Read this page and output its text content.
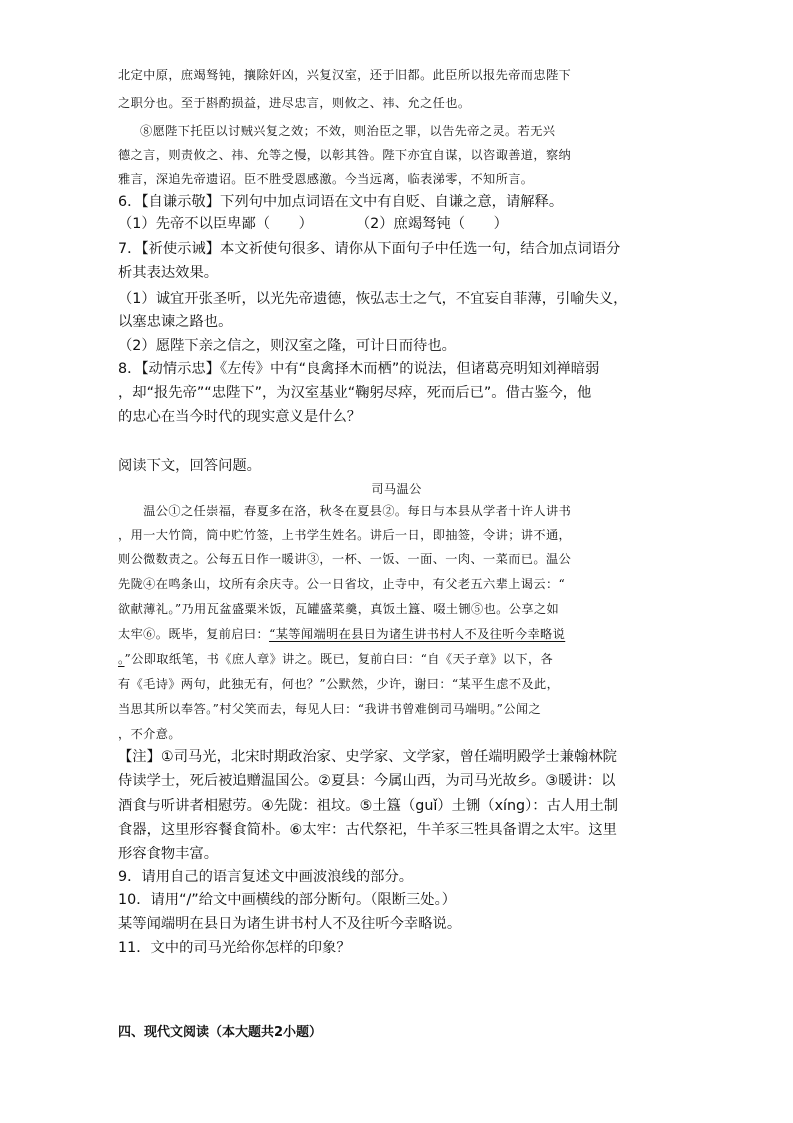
北定中原，庶竭驽钝，攘除奸凶，兴复汉室，还于旧都。此臣所以报先帝而忠陛下
之职分也。至于斟酌损益，进尽忠言，则攸之、祎、允之任也。
⑧愿陛下托臣以讨贼兴复之效；不效，则治臣之罪，以告先帝之灵。若无兴
德之言，则责攸之、祎、允等之慢，以彰其咎。陛下亦宜自谋，以咨诹善道，察纳
雅言，深追先帝遗诏。臣不胜受恩感激。今当远离，临表涕零，不知所言。
6．【自谦示敬】下列句中加点词语在文中有自贬、自谦之意，请解释。
（1）先帝不以臣卑鄙（　　）　　　　（2）庶竭驽钝（　　）
7．【祈使示诫】本文祈使句很多、请你从下面句子中任选一句，结合加点词语分
析其表达效果。
（1）诚宜开张圣听，以光先帝遗德，恢弘志士之气，不宜妄自菲薄，引喻失义，
以塞忠谏之路也。
（2）愿陛下亲之信之，则汉室之隆，可计日而待也。
8．【动情示忠】《左传》中有“良禽择木而栖”的说法，但诸葛亮明知刘禅暗弱
，却“报先帝”“忠陛下”，为汉室基业“鞠躬尽瘁，死而后已”。借古鉴今，他
的忠心在当今时代的现实意义是什么？
阅读下文，回答问题。
司马温公
　　温公①之任崇福，春夏多在洛，秋冬在夏县②。每日与本县从学者十许人讲书
，用一大竹筒，筒中贮竹签，上书学生姓名。讲后一日，即抽签，令讲；讲不通，
则公微数责之。公每五日作一暖讲③，一杯、一饭、一面、一肉、一菜而已。温公
先陇④在鸣条山，坟所有余庆寺。公一日省坟，止寺中，有父老五六辈上谒云：“
欲献薄礼。”乃用瓦盆盛粟米饭，瓦罐盛菜羹，真饭土簋、啜土铏⑤也。公享之如
太牢⑥。既毕，复前启曰：“某等闻端明在县日为诸生讲书村人不及往听今幸略说
。”公即取纸笔，书《庶人章》讲之。既已，复前白曰：“自《天子章》以下，各
有《毛诗》两句，此独无有，何也？”公默然，少许，谢曰：“某平生虑不及此，
当思其所以奉答。”村父笑而去，每见人曰：“我讲书曾难倒司马端明。”公闻之
，不介意。
【注】①司马光，北宋时期政治家、史学家、文学家，曾任端明殿学士兼翰林院
侍读学士，死后被追赠温国公。②夏县：今属山西，为司马光故乡。③暖讲：以
酒食与听讲者相慰劳。④先陇：祖坟。⑤土簋（guǐ）土铏（xíng）：古人用土制
食器，这里形容餐食简朴。⑥太牢：古代祭祀，牛羊豕三牲具备谓之太牢。这里
形容食物丰富。
9．请用自己的语言复述文中画波浪线的部分。
10．请用“/”给文中画横线的部分断句。（限断三处。）
某等闻端明在县日为诸生讲书村人不及往听今幸略说。
11．文中的司马光给你怎样的印象？
四、现代文阅读（本大题共2小题）
